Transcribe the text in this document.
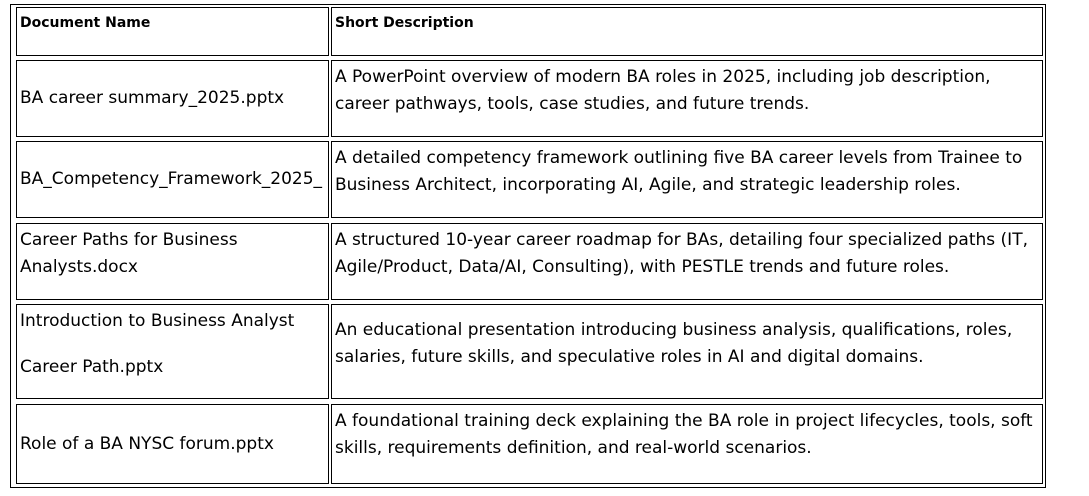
Document Name	Short Description
BA career summary_2025.pptx
A PowerPoint overview of modern BA roles in 2025, including job description, career pathways, tools, case studies, and future trends.
BA_Competency_Framework_2025_
A detailed competency framework outlining five BA career levels from Trainee to Business Architect, incorporating AI, Agile, and strategic leadership roles.
Career Paths for Business Analysts.docx
A structured 10-year career roadmap for BAs, detailing four specialized paths (IT, Agile/Product, Data/AI, Consulting), with PESTLE trends and future roles.
Introduction to Business Analyst
Career Path.pptx
An educational presentation introducing business analysis, qualifications, roles, salaries, future skills, and speculative roles in AI and digital domains.
Role of a BA NYSC forum.pptx
A foundational training deck explaining the BA role in project lifecycles, tools, soft skills, requirements definition, and real-world scenarios.
